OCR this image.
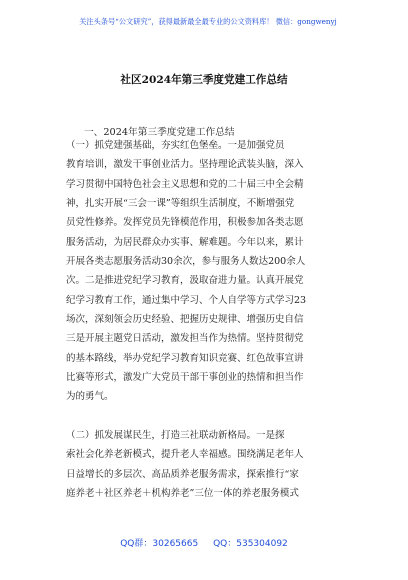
关注头条号“公文研究”，获得最新最全最专业的公文资料库！ 微信：gongwenyj
社区2024年第三季度党建工作总结
一、2024年第三季度党建工作总结
（一）抓党建强基础，夯实红色堡垒。一是加强党员
教育培训，激发干事创业活力。坚持理论武装头脑，深入
学习贯彻中国特色社会主义思想和党的二十届三中全会精
神，扎实开展“三会一课”等组织生活制度，不断增强党
员党性修养。发挥党员先锋模范作用，积极参加各类志愿
服务活动，为居民群众办实事、解难题。今年以来，累计
开展各类志愿服务活动30余次，参与服务人数达200余人
次。二是推进党纪学习教育，汲取奋进力量。认真开展党
纪学习教育工作，通过集中学习、个人自学等方式学习23
场次，深刻领会历史经验、把握历史规律、增强历史自信
三是开展主题党日活动，激发担当作为热情。坚持贯彻党
的基本路线，举办党纪学习教育知识竞赛、红色故事宣讲
比赛等形式，激发广大党员干部干事创业的热情和担当作
为的勇气。
（二）抓发展谋民生，打造三社联动新格局。一是探
索社会化养老新模式，提升老人幸福感。围绕满足老年人
日益增长的多层次、高品质养老服务需求，探索推行“家
庭养老＋社区养老＋机构养老”三位一体的养老服务模式
QQ群：30265665 QQ：535304092
